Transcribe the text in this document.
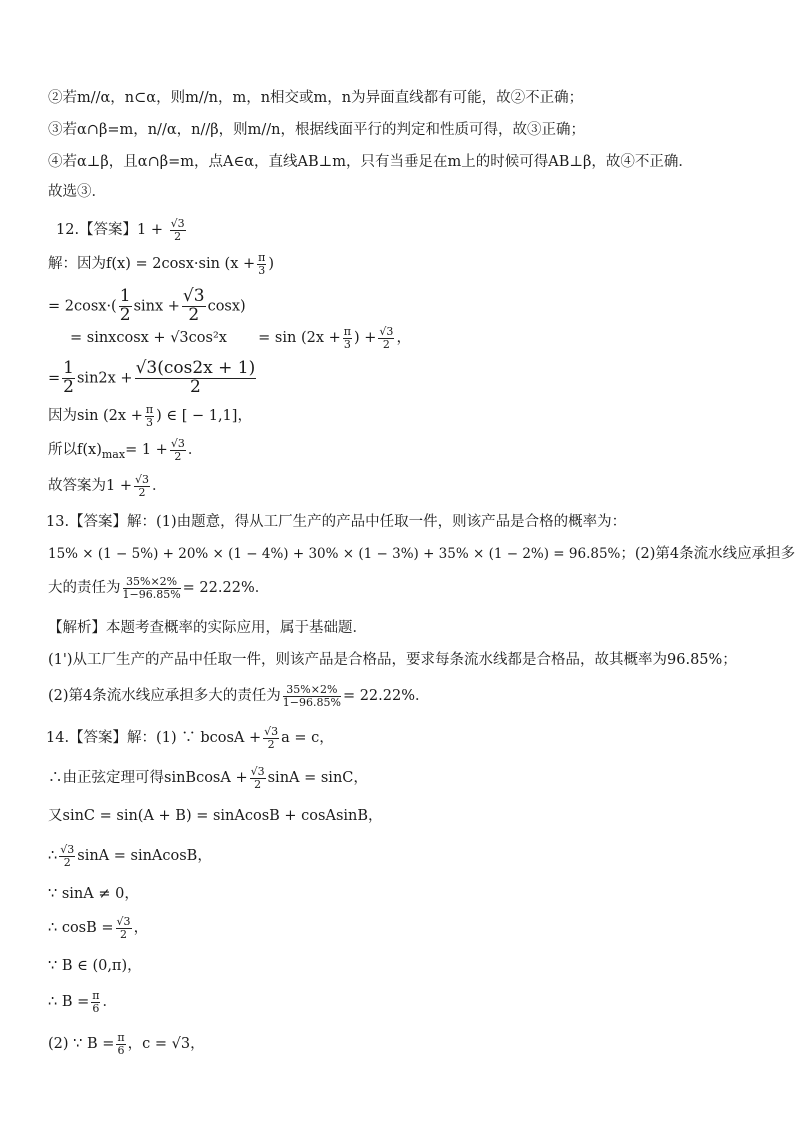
②若m//α，n⊂α，则m//n，m，n相交或m，n为异面直线都有可能，故②不正确；
③若α∩β=m，n//α，n//β，则m//n，根据线面平行的判定和性质可得，故③正确；
④若α⊥β，且α∩β=m，点A∈α，直线AB⊥m，只有当垂足在m上的时候可得AB⊥β，故④不正确．
故选③．
12.【答案】$1 + \frac{√3}{2}$
解：因为f(x) = 2cosx·sin ($x + \frac{\pi}{3}$ )
= $2\cos x\cdot( \frac{1}{2}$ $\sin x + \frac{√3}{2} \cos x$)
= sinxcosx + $√3\cos^2x = \sin (2x + \frac{\pi}{3}$ ) + $\frac{√3}{2}$ ，
= $\frac{1}{2} \sin 2x + \frac{√3(\cos 2x + 1)}{2}$
因为$\sin (2x + \frac{\pi}{3}$ ) ∈ [ − 1,1]，
所以$f(x)_{max}= 1 + \frac{√3}{2}$ ．
故答案为$1 + \frac{√3}{2}$ ．
13.【答案】解：(1)由题意，得从工厂生产的产品中任取一件，则该产品是合格的概率为：
15% × (1 − 5%) + 20% × (1 − 4%) + 30% × (1 − 3%) + 35% × (1 − 2%) = 96.85%；(2)第4条流水线应承担多
大的责任为 $\frac{35\%\times 2\%}{1-96.85\%} = 22.22\%$．
【解析】本题考查概率的实际应用，属于基础题．
(1')从工厂生产的产品中任取一件，则该产品是合格品，要求每条流水线都是合格品，故其概率为96.85%；
(2)第4条流水线应承担多大的责任为 $\frac{35\%\times 2\%}{1-96.85\%} = 22.22\%$．
14.【答案】解：(1) ∵ $bcosA + \frac{√3}{2}$ a = c，
∴由正弦定理可得sinBcosA + $\frac{√3}{2}$ sinA = sinC，
又sinC = sin(A + B) = sinAcosB + cosAsinB，
∴ $\frac{√3}{2}$ sinA = sinAcosB，
∵ sinA ≠ 0，
∴ $\cos B = \frac{√3}{2}$ ，
∵ B ∈ (0,π)，
∴ $B = \frac{\pi}{6}$ ．
(2) ∵ $B = \frac{\pi}{6}$ ，c = √3，
